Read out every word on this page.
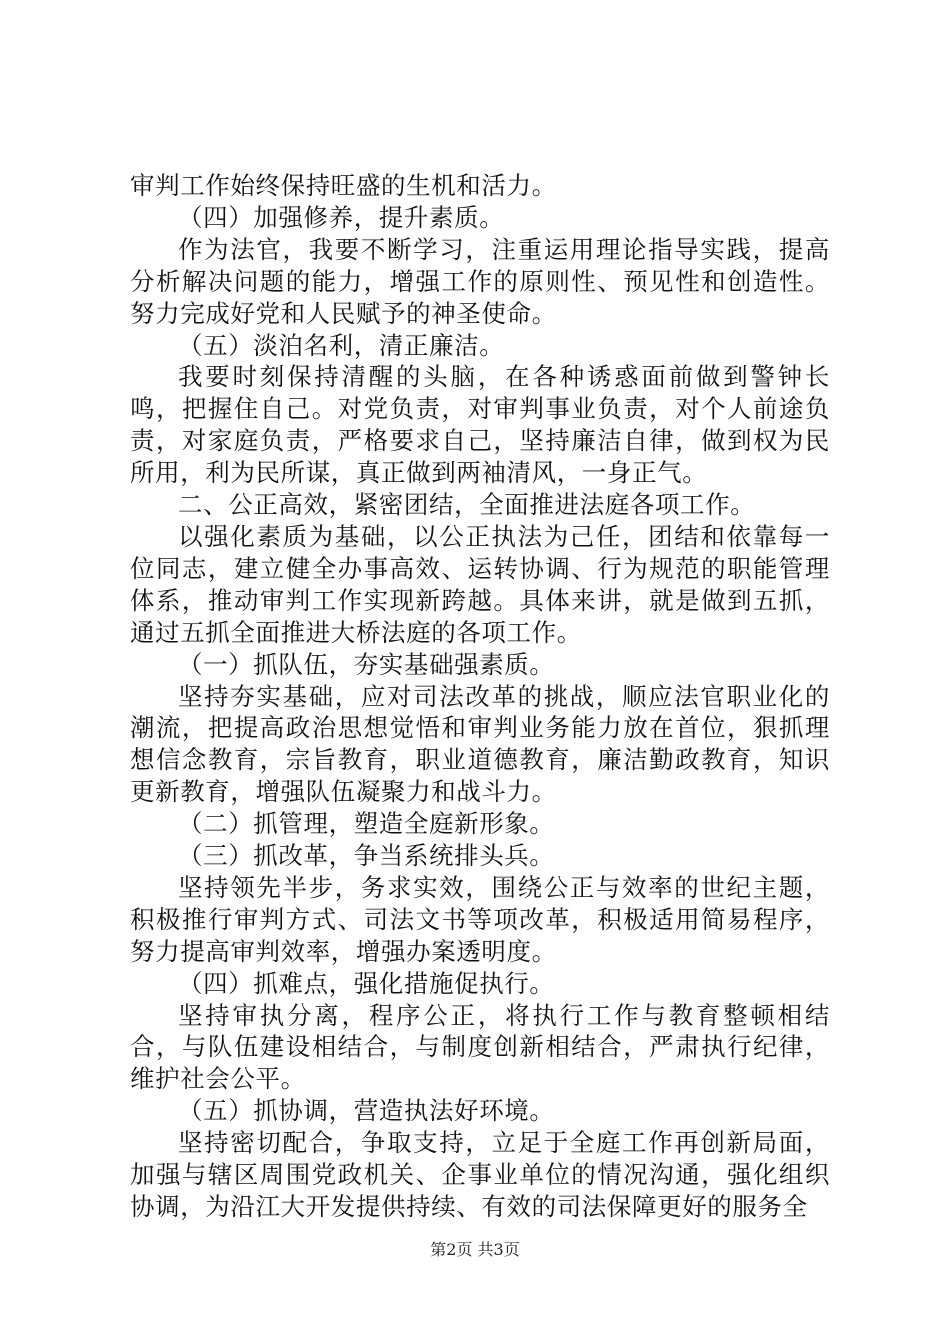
审判工作始终保持旺盛的生机和活力。

（四）加强修养，提升素质。

作为法官，我要不断学习，注重运用理论指导实践，提高分析解决问题的能力，增强工作的原则性、预见性和创造性。努力完成好党和人民赋予的神圣使命。

（五）淡泊名利，清正廉洁。

我要时刻保持清醒的头脑，在各种诱惑面前做到警钟长鸣，把握住自己。对党负责，对审判事业负责，对个人前途负责，对家庭负责，严格要求自己，坚持廉洁自律，做到权为民所用，利为民所谋，真正做到两袖清风，一身正气。

二、公正高效，紧密团结，全面推进法庭各项工作。

以强化素质为基础，以公正执法为己任，团结和依靠每一位同志，建立健全办事高效、运转协调、行为规范的职能管理体系，推动审判工作实现新跨越。具体来讲，就是做到五抓，通过五抓全面推进大桥法庭的各项工作。

（一）抓队伍，夯实基础强素质。

坚持夯实基础，应对司法改革的挑战，顺应法官职业化的潮流，把提高政治思想觉悟和审判业务能力放在首位，狠抓理想信念教育，宗旨教育，职业道德教育，廉洁勤政教育，知识更新教育，增强队伍凝聚力和战斗力。

（二）抓管理，塑造全庭新形象。

（三）抓改革，争当系统排头兵。

坚持领先半步，务求实效，围绕公正与效率的世纪主题，积极推行审判方式、司法文书等项改革，积极适用简易程序，努力提高审判效率，增强办案透明度。

（四）抓难点，强化措施促执行。

坚持审执分离，程序公正，将执行工作与教育整顿相结合，与队伍建设相结合，与制度创新相结合，严肃执行纪律，维护社会公平。

（五）抓协调，营造执法好环境。

坚持密切配合，争取支持，立足于全庭工作再创新局面，加强与辖区周围党政机关、企事业单位的情况沟通，强化组织协调，为沿江大开发提供持续、有效的司法保障更好的服务全

第2页 共3页
